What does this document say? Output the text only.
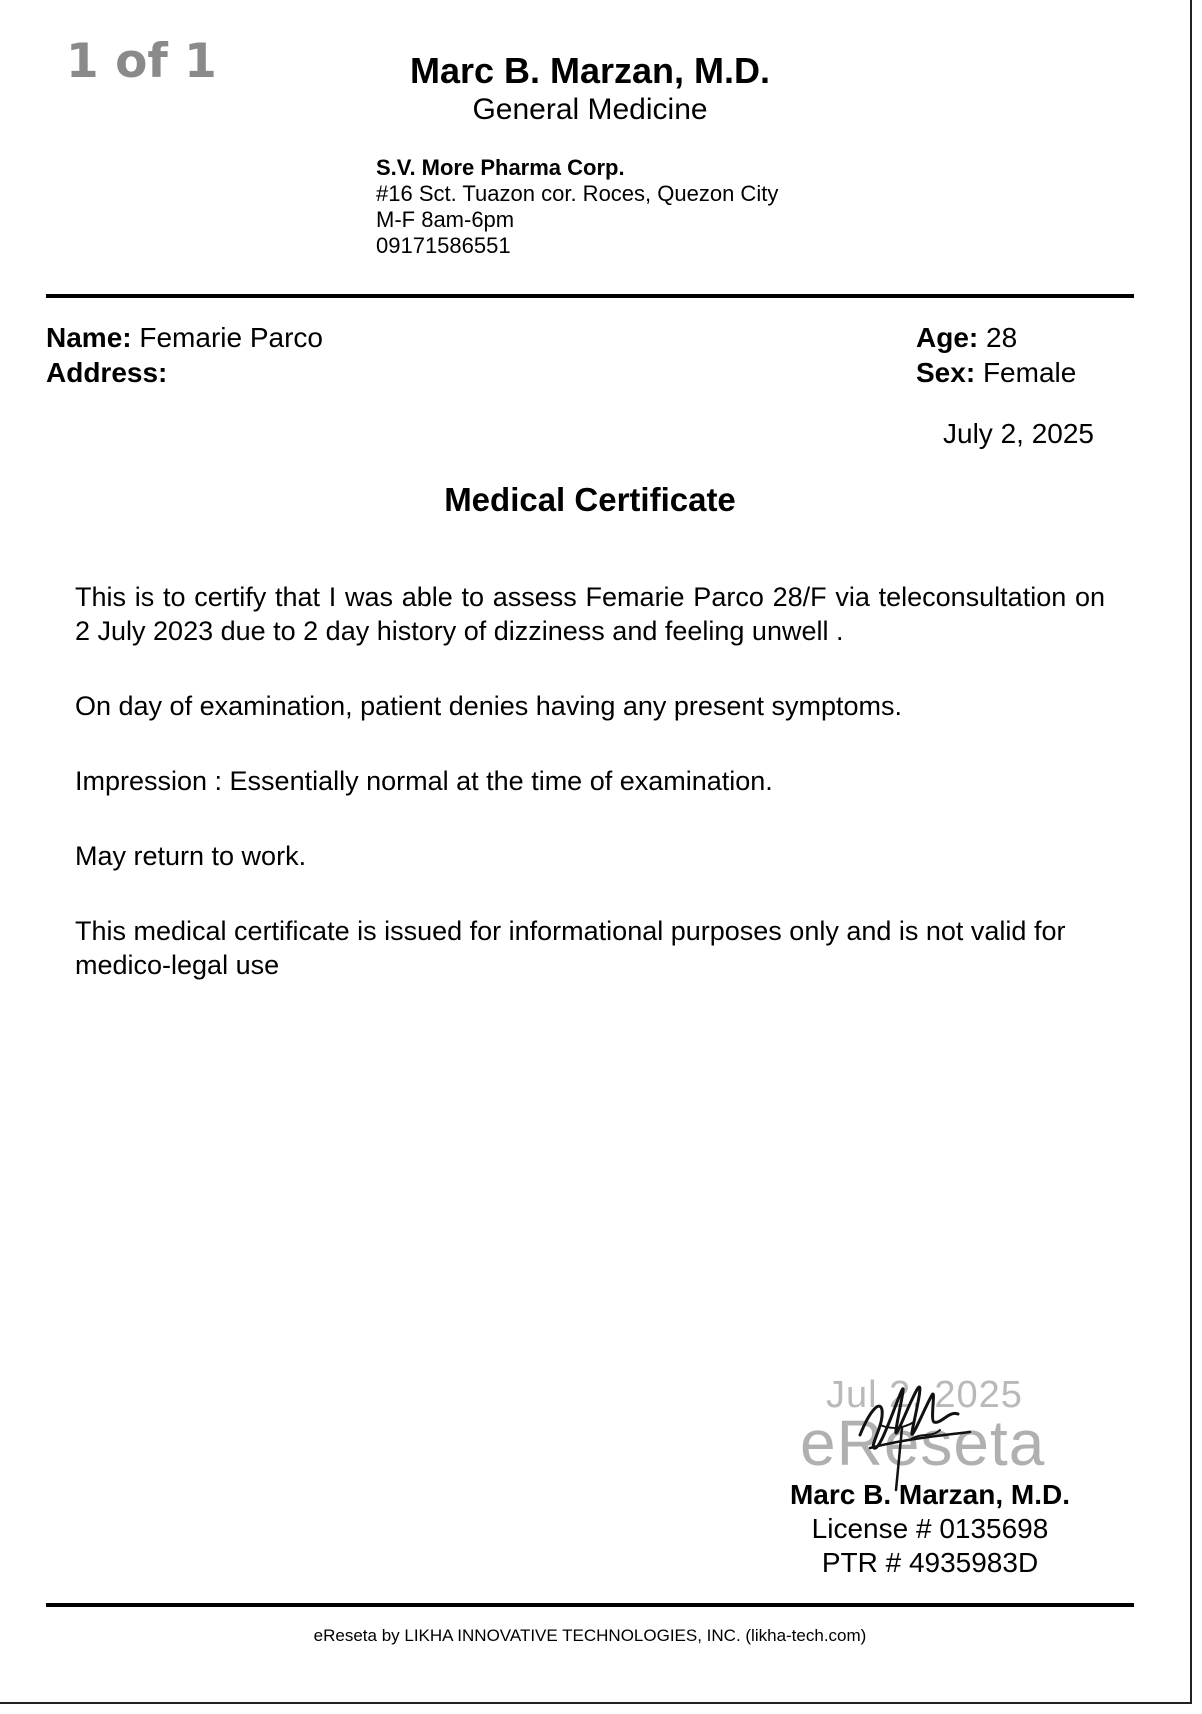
1 of 1	Marc B. Marzan, M.D.
General Medicine
S.V. More Pharma Corp.
#16 Sct. Tuazon cor. Roces, Quezon City
M-F 8am-6pm
09171586551
Name: Femarie Parco
Address:
Age: 28
Sex: Female
July 2, 2025
Medical Certificate

This is to certify that I was able to assess Femarie Parco 28/F via teleconsultation on 2 July 2023 due to 2 day history of dizziness and feeling unwell .

On day of examination, patient denies having any present symptoms.

Impression : Essentially normal at the time of examination.

May return to work.

This medical certificate is issued for informational purposes only and is not valid for medico-legal use

Jul 2, 2025
eReseta
Marc B. Marzan, M.D.
License # 0135698
PTR # 4935983D
eReseta by LIKHA INNOVATIVE TECHNOLOGIES, INC. (likha-tech.com)
